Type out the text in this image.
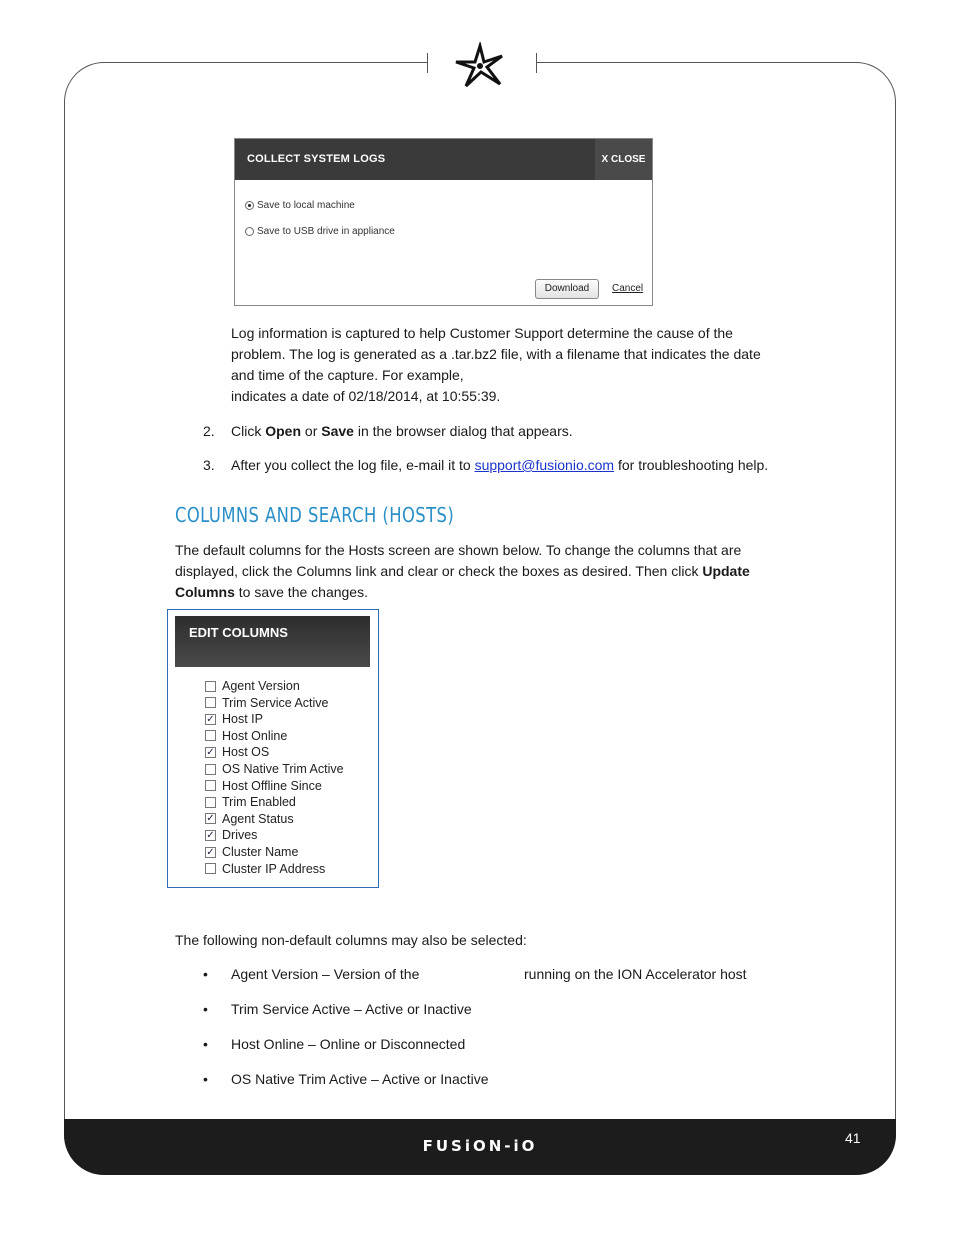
COLLECT SYSTEM LOGS	X CLOSE
Save to local machine
Save to USB drive in appliance
Download	Cancel
Log information is captured to help Customer Support determine the cause of the
problem. The log is generated as a .tar.bz2 file, with a filename that indicates the date
and time of the capture. For example,
indicates a date of 02/18/2014, at 10:55:39.
2. Click Open or Save in the browser dialog that appears.
3. After you collect the log file, e-mail it to support@fusionio.com for troubleshooting help.
COLUMNS AND SEARCH (HOSTS)
The default columns for the Hosts screen are shown below. To change the columns that are
displayed, click the Columns link and clear or check the boxes as desired. Then click Update
Columns to save the changes.
EDIT COLUMNS
Agent Version
Trim Service Active
✓ Host IP
Host Online
✓ Host OS
OS Native Trim Active
Host Offline Since
Trim Enabled
✓ Agent Status
✓ Drives
✓ Cluster Name
Cluster IP Address
The following non-default columns may also be selected:
• Agent Version – Version of the	running on the ION Accelerator host
• Trim Service Active – Active or Inactive
• Host Online – Online or Disconnected
• OS Native Trim Active – Active or Inactive
FUSiON-iO	41
